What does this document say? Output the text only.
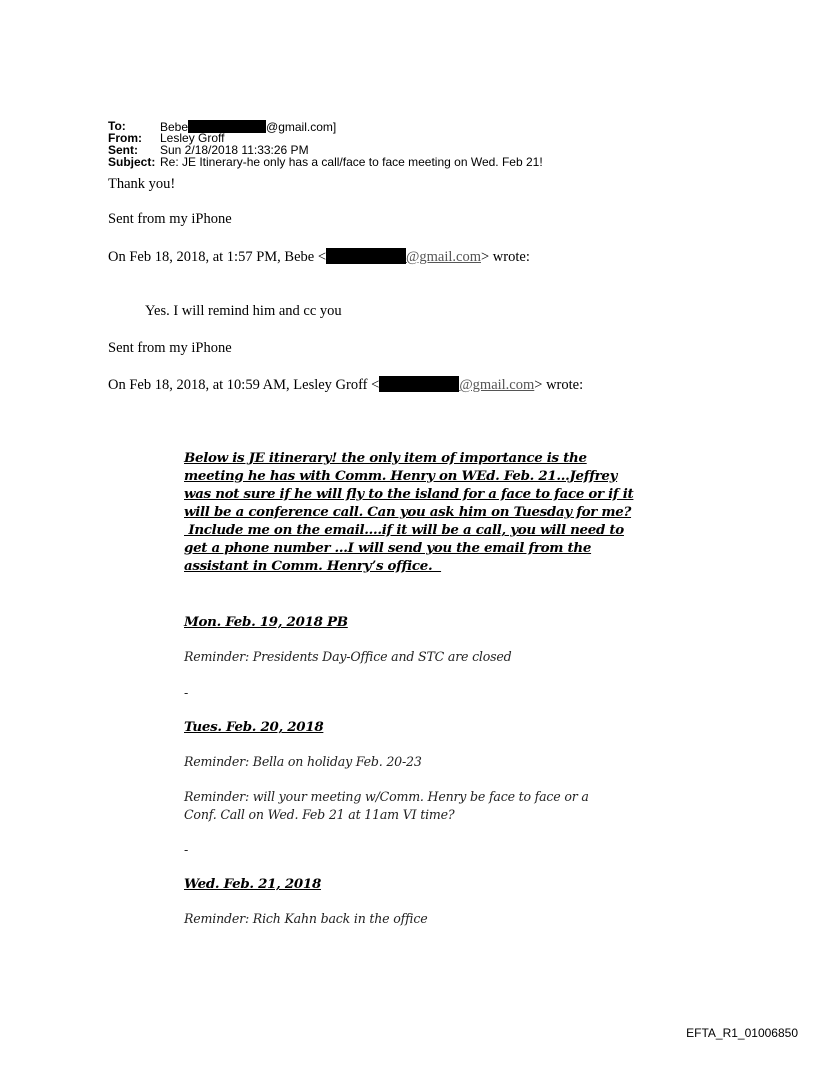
To:	Bebe	@gmail.com]
From: Lesley Groff
Sent: Sun 2/18/2018 11:33:26 PM
Subject: Re: JE Itinerary-he only has a call/face to face meeting on Wed. Feb 21!
Thank you!
Sent from my iPhone
On Feb 18, 2018, at 1:57 PM, Bebe <	@gmail.com> wrote:
Yes. I will remind him and cc you
Sent from my iPhone
On Feb 18, 2018, at 10:59 AM, Lesley Groff <	@gmail.com> wrote:
Below is JE itinerary! the only item of importance is the
meeting he has with Comm. Henry on WEd. Feb. 21…Jeffrey
was not sure if he will fly to the island for a face to face or if it
will be a conference call. Can you ask him on Tuesday for me?
Include me on the email….if it will be a call, you will need to
get a phone number …I will send you the email from the
assistant in Comm. Henry’s office.
Mon. Feb. 19, 2018 PB
Reminder: Presidents Day-Office and STC are closed
-
Tues. Feb. 20, 2018
Reminder: Bella on holiday Feb. 20-23
Reminder: will your meeting w/Comm. Henry be face to face or a
Conf. Call on Wed. Feb 21 at 11am VI time?
-
Wed. Feb. 21, 2018
Reminder: Rich Kahn back in the office
EFTA_R1_01006850
